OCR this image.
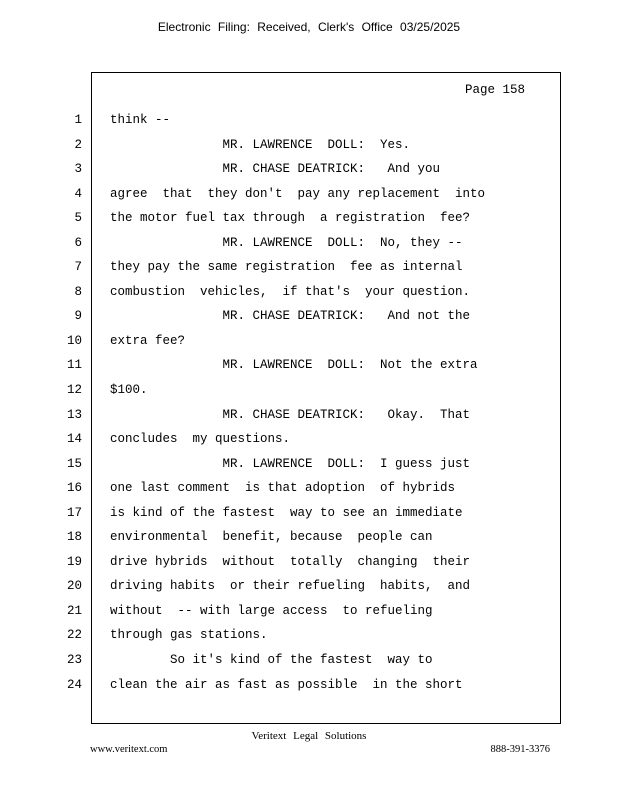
Electronic Filing: Received, Clerk's Office 03/25/2025
Page 158
1
2
3
4
5
6
7
8
9
10
11
12
13
14
15
16
17
18
19
20
21
22
23
24
think --
MR. LAWRENCE  DOLL:  Yes.
MR. CHASE DEATRICK:   And you
agree  that  they don't  pay any replacement  into
the motor fuel tax through  a registration  fee?
MR. LAWRENCE  DOLL:  No, they --
they pay the same registration  fee as internal
combustion  vehicles,  if that's  your question.
MR. CHASE DEATRICK:   And not the
extra fee?
MR. LAWRENCE  DOLL:  Not the extra
$100.
MR. CHASE DEATRICK:   Okay.  That
concludes  my questions.
MR. LAWRENCE  DOLL:  I guess just
one last comment  is that adoption  of hybrids
is kind of the fastest  way to see an immediate
environmental  benefit, because  people can
drive hybrids  without  totally  changing  their
driving habits  or their refueling  habits,  and
without  -- with large access  to refueling
through gas stations.
So it's kind of the fastest  way to
clean the air as fast as possible  in the short
Veritext Legal Solutions
www.veritext.com	888-391-3376
